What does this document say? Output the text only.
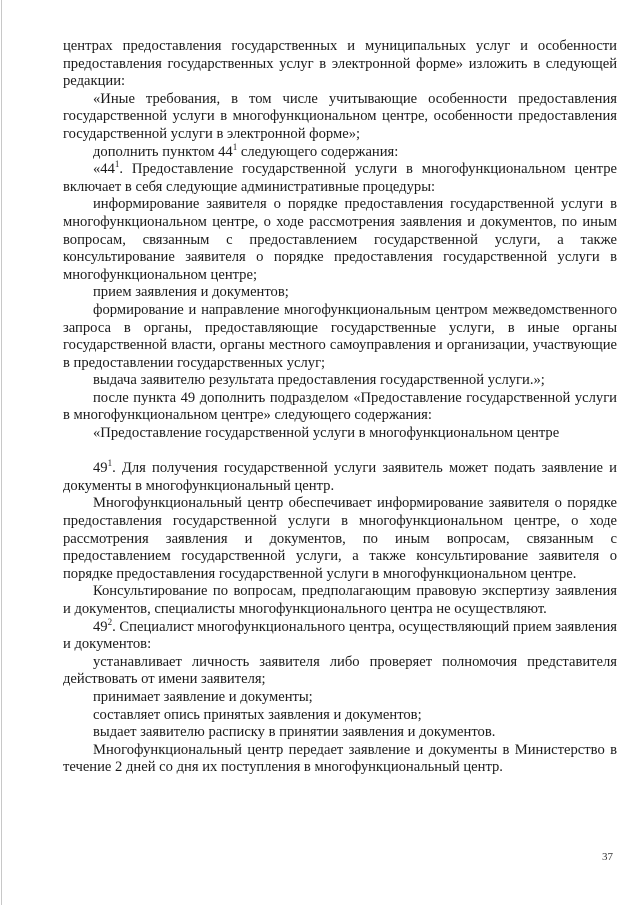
центрах предоставления государственных и муниципальных услуг и особенности предоставления государственных услуг в электронной форме» изложить в следующей редакции:

«Иные требования, в том числе учитывающие особенности предоставления государственной услуги в многофункциональном центре, особенности предоставления государственной услуги в электронной форме»;

дополнить пунктом $44^1$ следующего содержания:

«$44^1$. Предоставление государственной услуги в многофункциональном центре включает в себя следующие административные процедуры:

информирование заявителя о порядке предоставления государственной услуги в многофункциональном центре, о ходе рассмотрения заявления и документов, по иным вопросам, связанным с предоставлением государственной услуги, а также консультирование заявителя о порядке предоставления государственной услуги в многофункциональном центре;

прием заявления и документов;

формирование и направление многофункциональным центром межведомственного запроса в органы, предоставляющие государственные услуги, в иные органы государственной власти, органы местного самоуправления и организации, участвующие в предоставлении государственных услуг;

выдача заявителю результата предоставления государственной услуги.»;

после пункта 49 дополнить подразделом «Предоставление государственной услуги в многофункциональном центре» следующего содержания:

«Предоставление государственной услуги в многофункциональном центре

$49^1$. Для получения государственной услуги заявитель может подать заявление и документы в многофункциональный центр.

Многофункциональный центр обеспечивает информирование заявителя о порядке предоставления государственной услуги в многофункциональном центре, о ходе рассмотрения заявления и документов, по иным вопросам, связанным с предоставлением государственной услуги, а также консультирование заявителя о порядке предоставления государственной услуги в многофункциональном центре.

Консультирование по вопросам, предполагающим правовую экспертизу заявления и документов, специалисты многофункционального центра не осуществляют.

$49^2$. Специалист многофункционального центра, осуществляющий прием заявления и документов:

устанавливает личность заявителя либо проверяет полномочия представителя действовать от имени заявителя;

принимает заявление и документы;

составляет опись принятых заявления и документов;

выдает заявителю расписку в принятии заявления и документов.

Многофункциональный центр передает заявление и документы в Министерство в течение 2 дней со дня их поступления в многофункциональный центр.

37
